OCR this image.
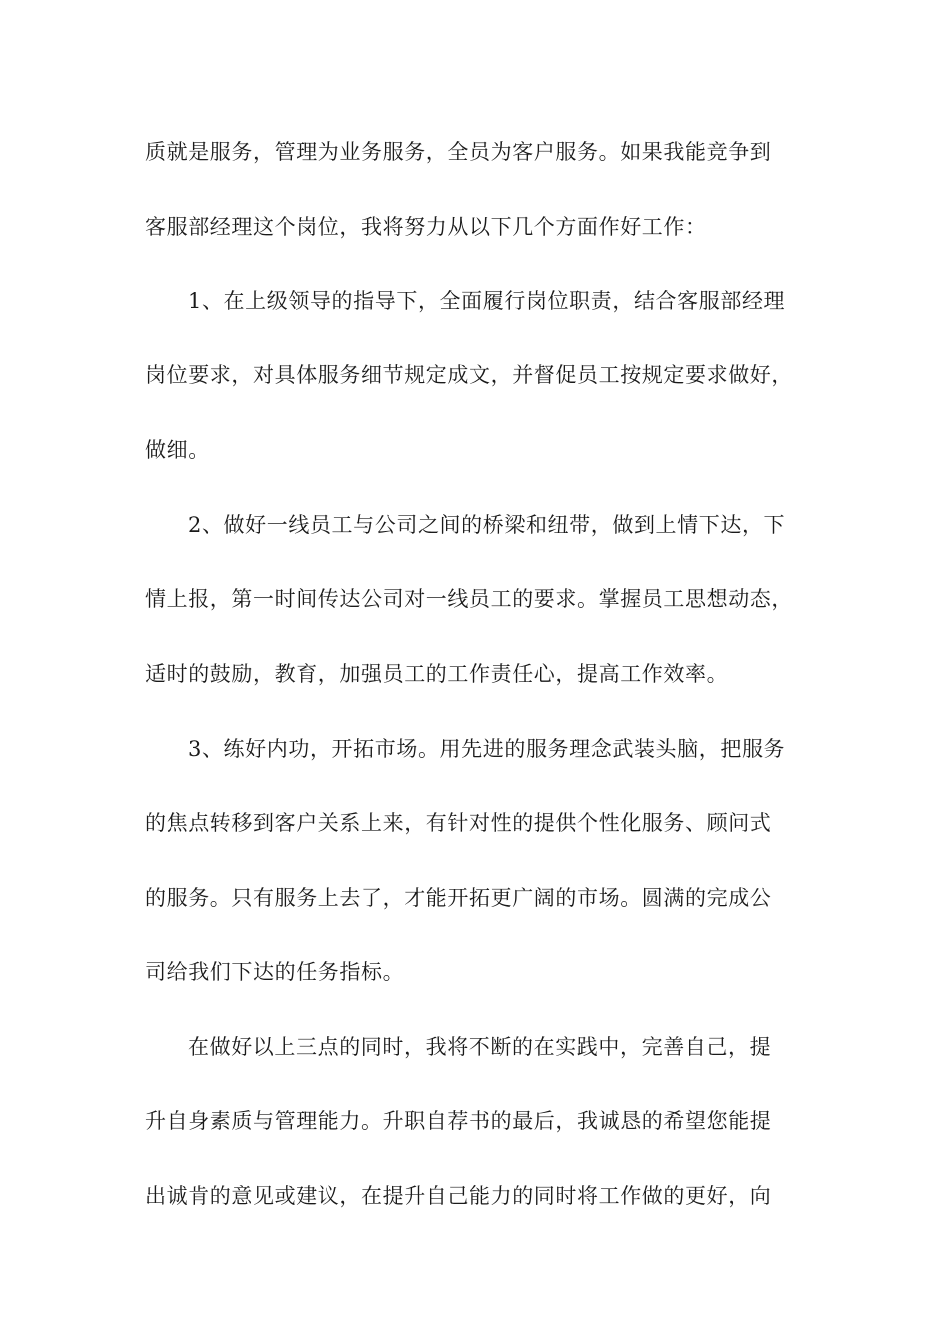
质就是服务，管理为业务服务，全员为客户服务。如果我能竞争到
客服部经理这个岗位，我将努力从以下几个方面作好工作：
1、在上级领导的指导下，全面履行岗位职责，结合客服部经理
岗位要求，对具体服务细节规定成文，并督促员工按规定要求做好，
做细。
2、做好一线员工与公司之间的桥梁和纽带，做到上情下达，下
情上报，第一时间传达公司对一线员工的要求。掌握员工思想动态，
适时的鼓励，教育，加强员工的工作责任心，提高工作效率。
3、练好内功，开拓市场。用先进的服务理念武装头脑，把服务
的焦点转移到客户关系上来，有针对性的提供个性化服务、顾问式
的服务。只有服务上去了，才能开拓更广阔的市场。圆满的完成公
司给我们下达的任务指标。
在做好以上三点的同时，我将不断的在实践中，完善自己，提
升自身素质与管理能力。升职自荐书的最后，我诚恳的希望您能提
出诚肯的意见或建议，在提升自己能力的同时将工作做的更好，向
